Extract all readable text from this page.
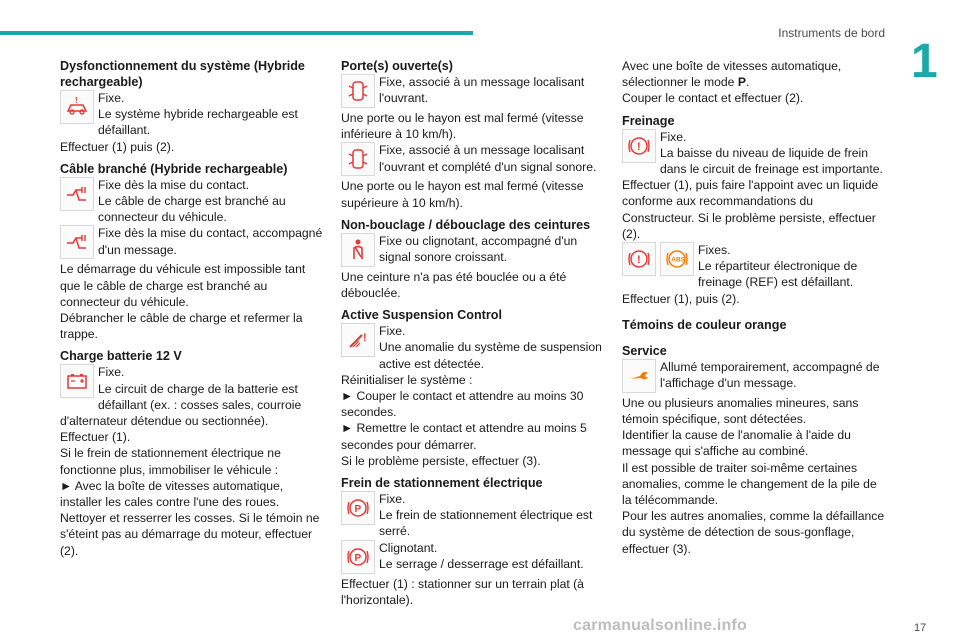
Instruments de bord
1

Dysfonctionnement du système (Hybride rechargeable)

!	Fixe.

Le système hybride rechargeable est défaillant.

Effectuer (1) puis (2).

Câble branché (Hybride rechargeable)

Fixe dès la mise du contact.

Le câble de charge est branché au connecteur du véhicule.

Fixe dès la mise du contact, accompagné d'un message.

Le démarrage du véhicule est impossible tant que le câble de charge est branché au connecteur du véhicule.

Débrancher le câble de charge et refermer la trappe.

Charge batterie 12 V

Fixe.

Le circuit de charge de la batterie est défaillant (ex. : cosses sales, courroie d'alternateur détendue ou sectionnée).

Effectuer (1).

Si le frein de stationnement électrique ne fonctionne plus, immobiliser le véhicule :

► Avec la boîte de vitesses automatique, installer les cales contre l'une des roues.

Nettoyer et resserrer les cosses. Si le témoin ne s'éteint pas au démarrage du moteur, effectuer (2).

Porte(s) ouverte(s)

Fixe, associé à un message localisant l'ouvrant.

Une porte ou le hayon est mal fermé (vitesse inférieure à 10 km/h).

Fixe, associé à un message localisant l'ouvrant et complété d'un signal sonore.

Une porte ou le hayon est mal fermé (vitesse supérieure à 10 km/h).

Non-bouclage / débouclage des ceintures

Fixe ou clignotant, accompagné d'un signal sonore croissant.

Une ceinture n'a pas été bouclée ou a été débouclée.

Active Suspension Control

!	Fixe.

Une anomalie du système de suspension active est détectée.

Réinitialiser le système :

► Couper le contact et attendre au moins 30 secondes.

► Remettre le contact et attendre au moins 5 secondes pour démarrer.

Si le problème persiste, effectuer (3).

Frein de stationnement électrique

P

Fixe.

Le frein de stationnement électrique est serré.

P

Clignotant.

Le serrage / desserrage est défaillant.

Effectuer (1) : stationner sur un terrain plat (à l'horizontale).

Avec une boîte de vitesses automatique, sélectionner le mode P.

Couper le contact et effectuer (2).

Freinage

!

Fixe.

La baisse du niveau de liquide de frein dans le circuit de freinage est importante.

Effectuer (1), puis faire l'appoint avec un liquide conforme aux recommandations du Constructeur. Si le problème persiste, effectuer (2).

!	ABS

Fixes.

Le répartiteur électronique de freinage (REF) est défaillant.

Effectuer (1), puis (2).

Témoins de couleur orange

Service

Allumé temporairement, accompagné de l'affichage d'un message.

Une ou plusieurs anomalies mineures, sans témoin spécifique, sont détectées.

Identifier la cause de l'anomalie à l'aide du message qui s'affiche au combiné.

Il est possible de traiter soi-même certaines anomalies, comme le changement de la pile de la télécommande.

Pour les autres anomalies, comme la défaillance du système de détection de sous-gonflage, effectuer (3).

carmanualsonline.info	17
